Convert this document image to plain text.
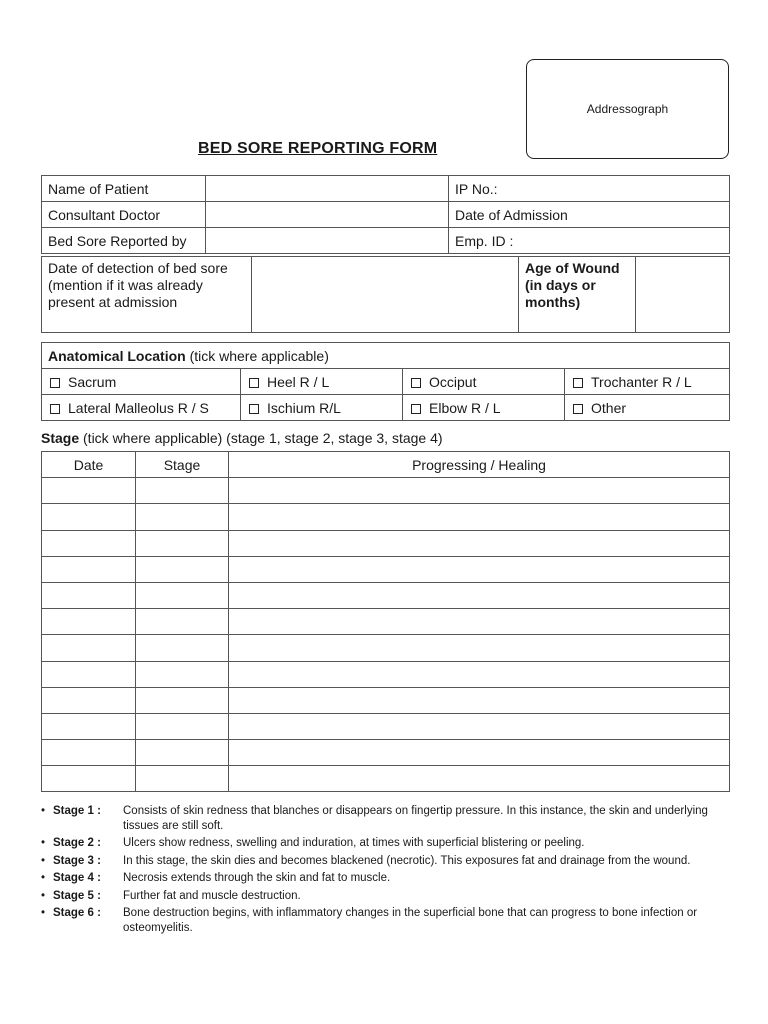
Addressograph
BED SORE REPORTING FORM
Name of Patient		IP No.:
Consultant Doctor		Date of Admission
Bed Sore Reported by		Emp. ID :
Date of detection of bed sore
(mention if it was already
present at admission

Age of Wound
(in days or
months)

Anatomical Location (tick where applicable)			
Sacrum	Heel R / L	Occiput	Trochanter R / L
Lateral Malleolus R / S	Ischium R/L	Elbow R / L	Other
Stage (tick where applicable) (stage 1, stage 2, stage 3, stage 4)
Date	Stage	Progressing / Healing

• Stage 1 :	Consists of skin redness that blanches or disappears on fingertip pressure. In this instance, the skin and underlying tissues are still soft.
• Stage 2 :	Ulcers show redness, swelling and induration, at times with superficial blistering or peeling.
• Stage 3 :	In this stage, the skin dies and becomes blackened (necrotic). This exposures fat and drainage from the wound.
• Stage 4 :	Necrosis extends through the skin and fat to muscle.
• Stage 5 :	Further fat and muscle destruction.
• Stage 6 :	Bone destruction begins, with inflammatory changes in the superficial bone that can progress to bone infection or osteomyelitis.
